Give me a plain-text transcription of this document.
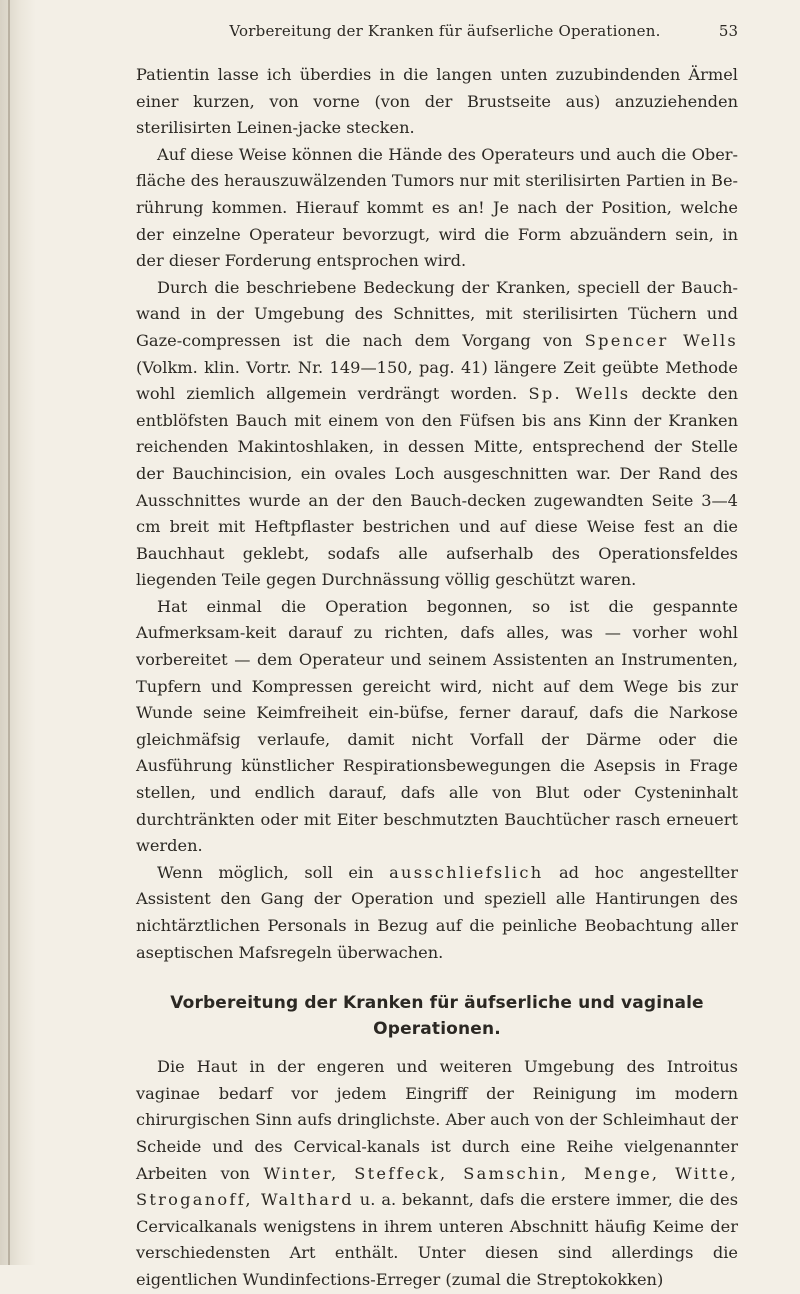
Vorbereitung der Kranken für äufserliche Operationen.	53

Patientin lasse ich überdies in die langen unten zuzubindenden Ärmel einer kurzen, von vorne (von der Brustseite aus) anzuziehenden sterilisirten Leinen-jacke stecken.

Auf diese Weise können die Hände des Operateurs und auch die Ober-fläche des herauszuwälzenden Tumors nur mit sterilisirten Partien in Be-rührung kommen. Hierauf kommt es an! Je nach der Position, welche der einzelne Operateur bevorzugt, wird die Form abzuändern sein, in der dieser Forderung entsprochen wird.

Durch die beschriebene Bedeckung der Kranken, speciell der Bauch-wand in der Umgebung des Schnittes, mit sterilisirten Tüchern und Gaze-compressen ist die nach dem Vorgang von Spencer Wells (Volkm. klin. Vortr. Nr. 149—150, pag. 41) längere Zeit geübte Methode wohl ziemlich allgemein verdrängt worden. Sp. Wells deckte den entblöfsten Bauch mit einem von den Füfsen bis ans Kinn der Kranken reichenden Makintoshlaken, in dessen Mitte, entsprechend der Stelle der Bauchincision, ein ovales Loch ausgeschnitten war. Der Rand des Ausschnittes wurde an der den Bauch-decken zugewandten Seite 3—4 cm breit mit Heftpflaster bestrichen und auf diese Weise fest an die Bauchhaut geklebt, sodafs alle aufserhalb des Operationsfeldes liegenden Teile gegen Durchnässung völlig geschützt waren.

Hat einmal die Operation begonnen, so ist die gespannte Aufmerksam-keit darauf zu richten, dafs alles, was — vorher wohl vorbereitet — dem Operateur und seinem Assistenten an Instrumenten, Tupfern und Kompressen gereicht wird, nicht auf dem Wege bis zur Wunde seine Keimfreiheit ein-büfse, ferner darauf, dafs die Narkose gleichmäfsig verlaufe, damit nicht Vorfall der Därme oder die Ausführung künstlicher Respirationsbewegungen die Asepsis in Frage stellen, und endlich darauf, dafs alle von Blut oder Cysteninhalt durchtränkten oder mit Eiter beschmutzten Bauchtücher rasch erneuert werden.

Wenn möglich, soll ein ausschliefslich ad hoc angestellter Assistent den Gang der Operation und speziell alle Hantirungen des nichtärztlichen Personals in Bezug auf die peinliche Beobachtung aller aseptischen Mafsregeln überwachen.

Vorbereitung der Kranken für äufserliche und vaginale
Operationen.

Die Haut in der engeren und weiteren Umgebung des Introitus vaginae bedarf vor jedem Eingriff der Reinigung im modern chirurgischen Sinn aufs dringlichste. Aber auch von der Schleimhaut der Scheide und des Cervical-kanals ist durch eine Reihe vielgenannter Arbeiten von Winter, Steffeck, Samschin, Menge, Witte, Stroganoff, Walthard u. a. bekannt, dafs die erstere immer, die des Cervicalkanals wenigstens in ihrem unteren Abschnitt häufig Keime der verschiedensten Art enthält. Unter diesen sind allerdings die eigentlichen Wundinfections-Erreger (zumal die Streptokokken)
